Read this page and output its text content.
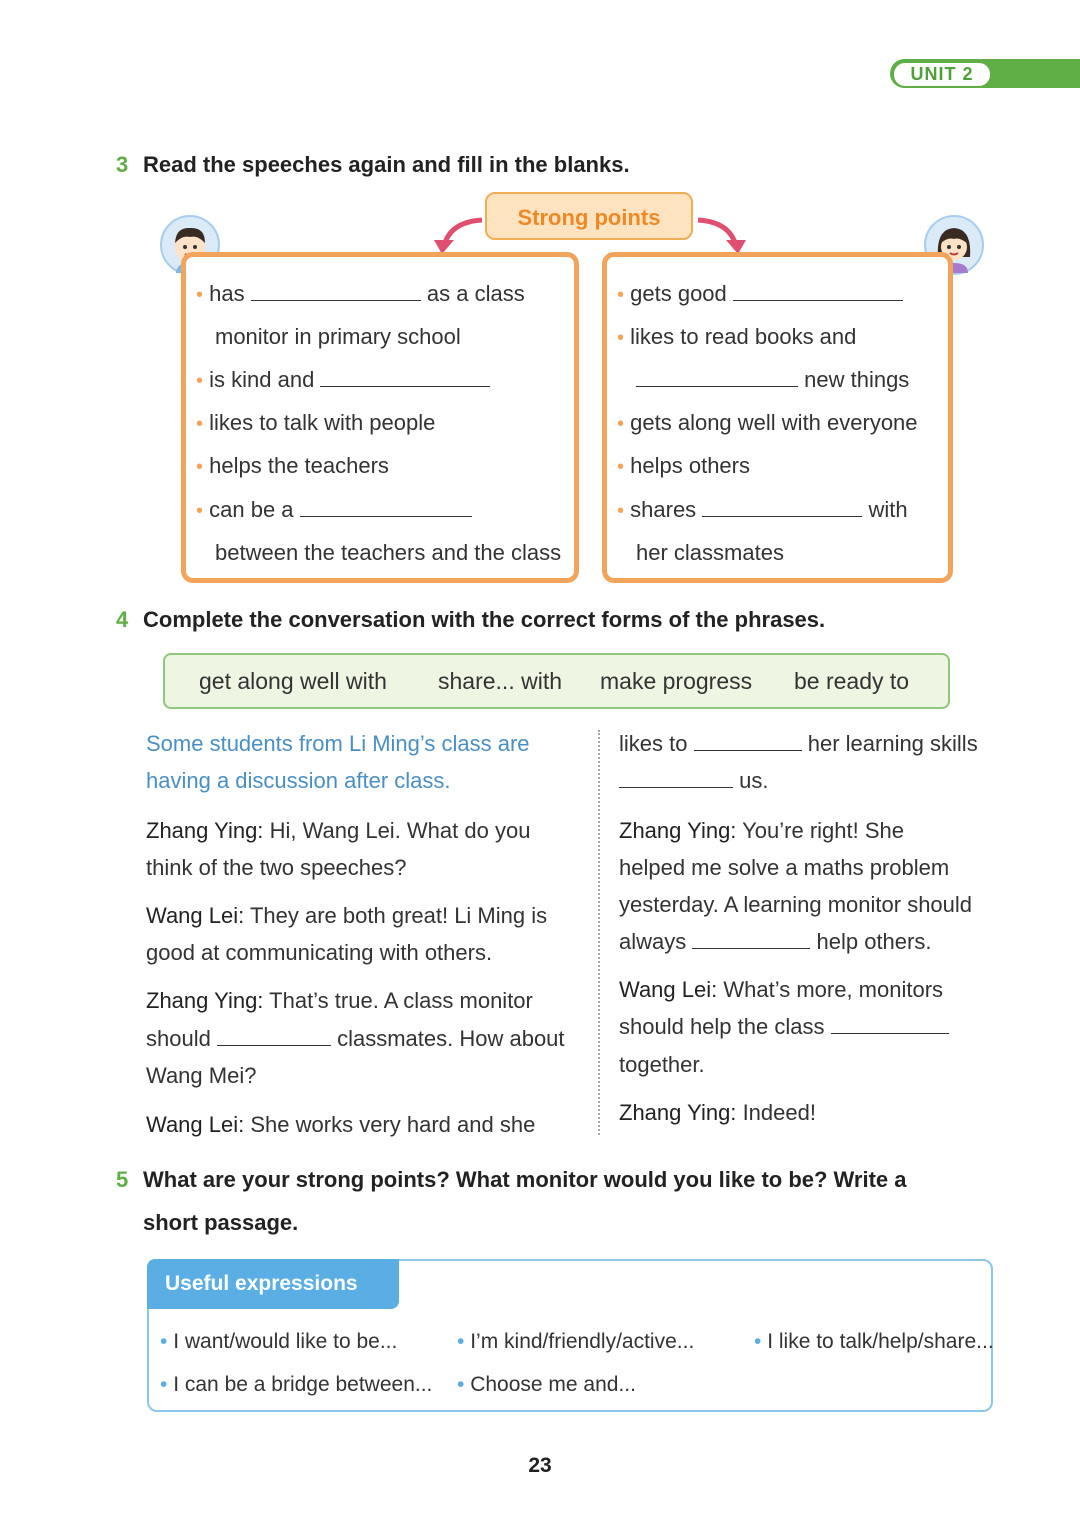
UNIT 2
3 Read the speeches again and fill in the blanks.
Strong points
• has	as a class
monitor in primary school
• is kind and
• likes to talk with people
• helps the teachers
• can be a
between the teachers and the class
• gets good
• likes to read books and
new things
• gets along well with everyone
• helps others
• shares	with
her classmates
4 Complete the conversation with the correct forms of the phrases.
get along well with share... with make progress be ready to
Some students from Li Ming’s class are
having a discussion after class.
Zhang Ying: Hi, Wang Lei. What do you
think of the two speeches?
Wang Lei: They are both great! Li Ming is
good at communicating with others.
Zhang Ying: That’s true. A class monitor
should	classmates. How about
Wang Mei?
Wang Lei: She works very hard and she
likes to	her learning skills
us.
Zhang Ying: You’re right! She
helped me solve a maths problem
yesterday. A learning monitor should
always	help others.
Wang Lei: What’s more, monitors
should help the class
together.
Zhang Ying: Indeed!
5 What are your strong points? What monitor would you like to be? Write a
short passage.
Useful expressions
• I want/would like to be...	• I’m kind/friendly/active...	• I like to talk/help/share...
• I can be a bridge between... • Choose me and...
23
